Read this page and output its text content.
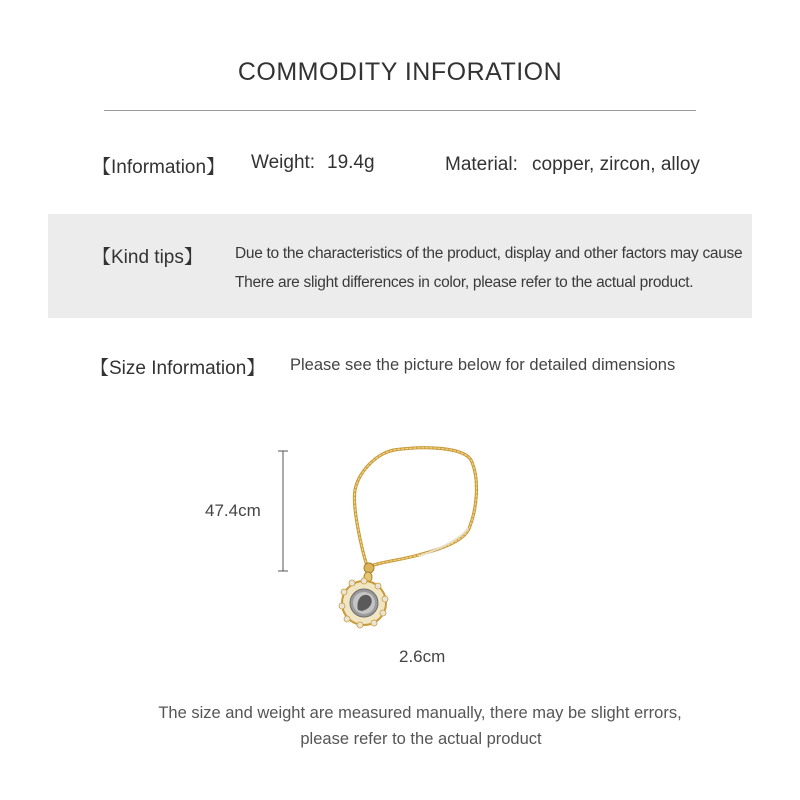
COMMODITY INFORATION
【Information】 Weight: 19.4g	Material: copper, zircon, alloy
【Kind tips】 Due to the characteristics of the product, display and other factors may cause
There are slight differences in color, please refer to the actual product.
【Size Information】 Please see the picture below for detailed dimensions
47.4cm
2.6cm
The size and weight are measured manually, there may be slight errors,
please refer to the actual product
